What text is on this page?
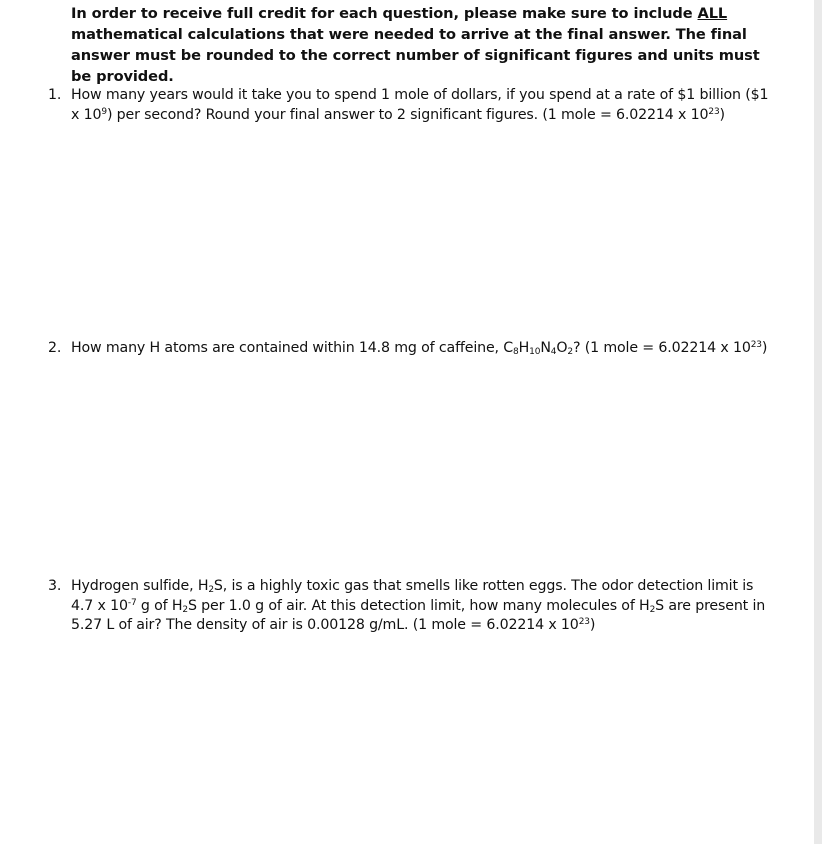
In order to receive full credit for each question, please make sure to include ALL mathematical calculations that were needed to arrive at the final answer. The final answer must be rounded to the correct number of significant figures and units must be provided.
1. How many years would it take you to spend 1 mole of dollars, if you spend at a rate of $1 billion ($1 x $10^9$) per second? Round your final answer to 2 significant figures. (1 mole = 6.02214 x $10^{23}$)
2. How many H atoms are contained within 14.8 mg of caffeine, $C_8H_{10}N_4O_2$? (1 mole = 6.02214 x $10^{23}$)
3. Hydrogen sulfide, $H_2S$, is a highly toxic gas that smells like rotten eggs. The odor detection limit is 4.7 x $10^{-7}$ g of $H_2S$ per 1.0 g of air. At this detection limit, how many molecules of $H_2S$ are present in 5.27 L of air? The density of air is 0.00128 g/mL. (1 mole = 6.02214 x $10^{23}$)
